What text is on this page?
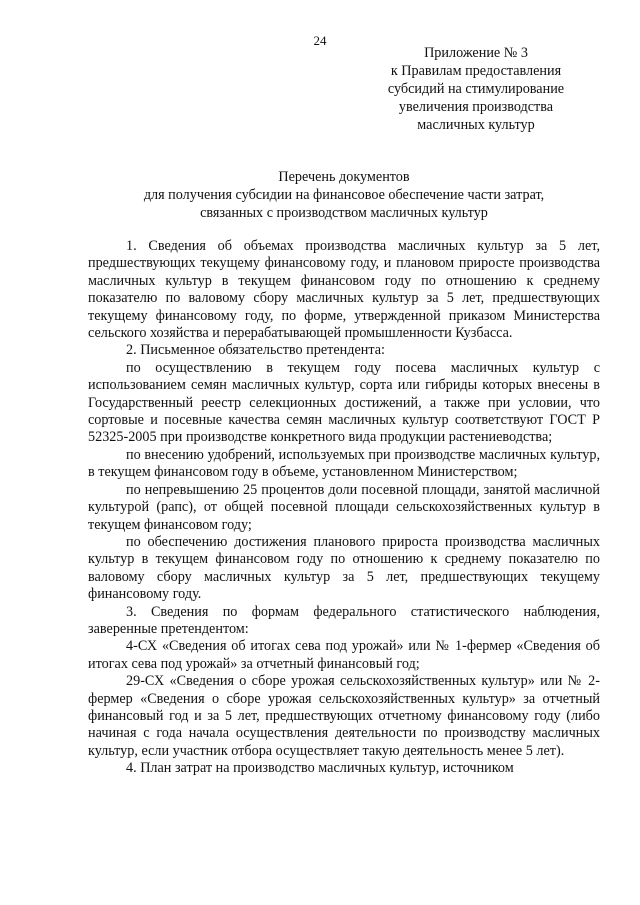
24
Приложение № 3
к Правилам предоставления
субсидий на стимулирование
увеличения производства
масличных культур
Перечень документов
для получения субсидии на финансовое обеспечение части затрат,
связанных с производством масличных культур

1. Сведения об объемах производства масличных культур за 5 лет, предшествующих текущему финансовому году, и плановом приросте производства масличных культур в текущем финансовом году по отношению к среднему показателю по валовому сбору масличных культур за 5 лет, предшествующих текущему финансовому году, по форме, утвержденной приказом Министерства сельского хозяйства и перерабатывающей промышленности Кузбасса.

2. Письменное обязательство претендента:

по осуществлению в текущем году посева масличных культур с использованием семян масличных культур, сорта или гибриды которых внесены в Государственный реестр селекционных достижений, а также при условии, что сортовые и посевные качества семян масличных культур соответствуют ГОСТ Р 52325-2005 при производстве конкретного вида продукции растениеводства;

по внесению удобрений, используемых при производстве масличных культур, в текущем финансовом году в объеме, установленном Министерством;

по непревышению 25 процентов доли посевной площади, занятой масличной культурой (рапс), от общей посевной площади сельскохозяйственных культур в текущем финансовом году;

по обеспечению достижения планового прироста производства масличных культур в текущем финансовом году по отношению к среднему показателю по валовому сбору масличных культур за 5 лет, предшествующих текущему финансовому году.

3. Сведения по формам федерального статистического наблюдения, заверенные претендентом:

4-СХ «Сведения об итогах сева под урожай» или № 1-фермер «Сведения об итогах сева под урожай» за отчетный финансовый год;

29-СХ «Сведения о сборе урожая сельскохозяйственных культур» или № 2-фермер «Сведения о сборе урожая сельскохозяйственных культур» за отчетный финансовый год и за 5 лет, предшествующих отчетному финансовому году (либо начиная с года начала осуществления деятельности по производству масличных культур, если участник отбора осуществляет такую деятельность менее 5 лет).

4. План затрат на производство масличных культур, источником
